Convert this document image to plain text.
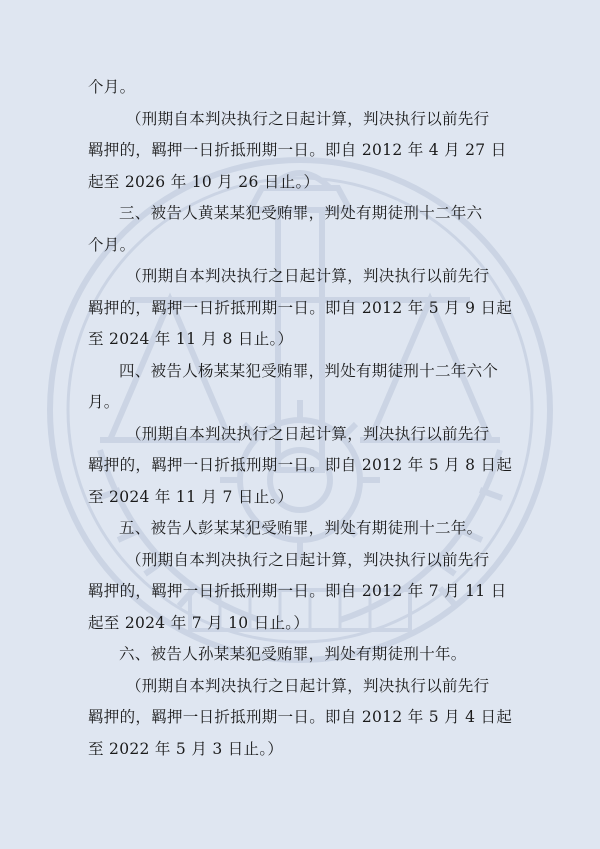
个月。
（刑期自本判决执行之日起计算，判决执行以前先行
羁押的，羁押一日折抵刑期一日。即自 2012 年 4 月 27 日
起至 2026 年 10 月 26 日止。）
三、被告人黄某某犯受贿罪，判处有期徒刑十二年六
个月。
（刑期自本判决执行之日起计算，判决执行以前先行
羁押的，羁押一日折抵刑期一日。即自 2012 年 5 月 9 日起
至 2024 年 11 月 8 日止。）
四、被告人杨某某犯受贿罪，判处有期徒刑十二年六个
月。
（刑期自本判决执行之日起计算，判决执行以前先行
羁押的，羁押一日折抵刑期一日。即自 2012 年 5 月 8 日起
至 2024 年 11 月 7 日止。）
五、被告人彭某某犯受贿罪，判处有期徒刑十二年。
（刑期自本判决执行之日起计算，判决执行以前先行
羁押的，羁押一日折抵刑期一日。即自 2012 年 7 月 11 日
起至 2024 年 7 月 10 日止。）
六、被告人孙某某犯受贿罪，判处有期徒刑十年。
（刑期自本判决执行之日起计算，判决执行以前先行
羁押的，羁押一日折抵刑期一日。即自 2012 年 5 月 4 日起
至 2022 年 5 月 3 日止。）
